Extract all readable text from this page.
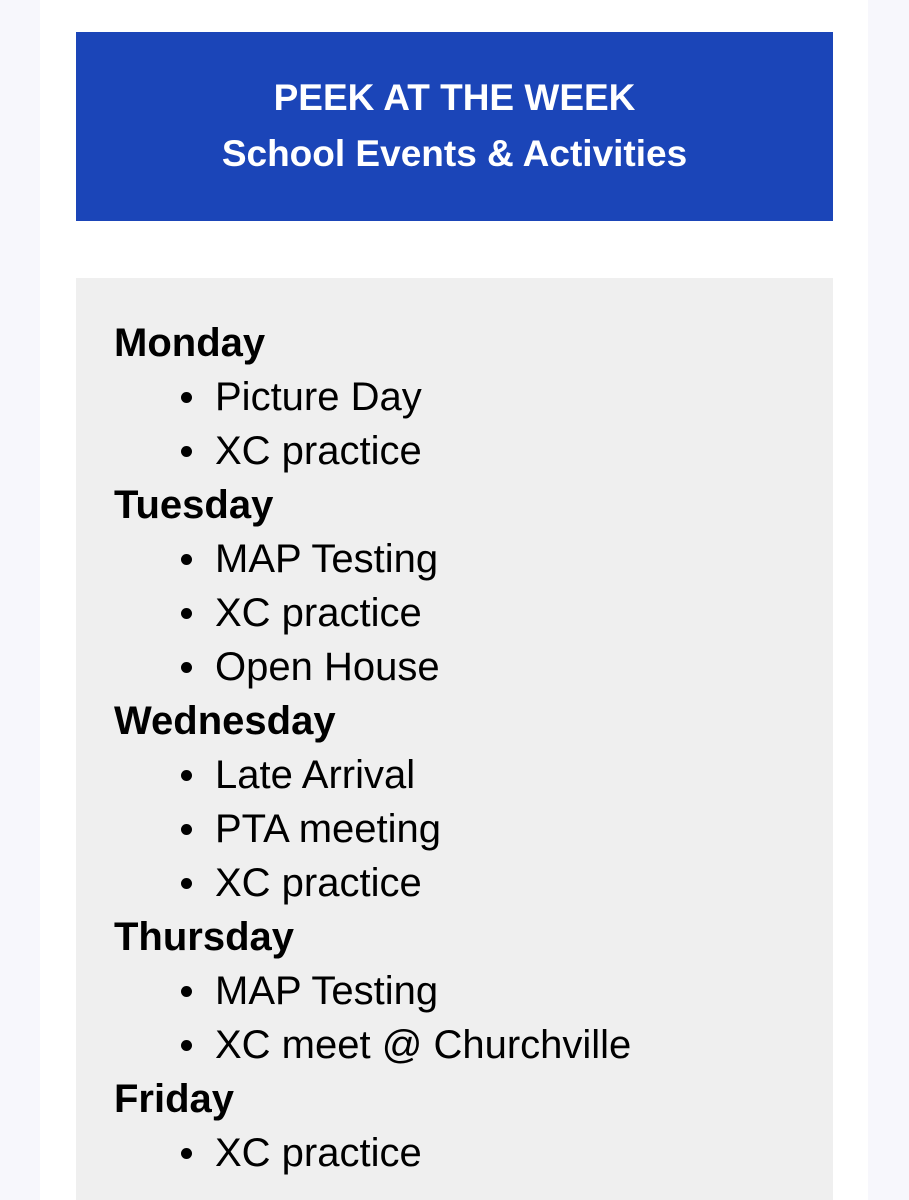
PEEK AT THE WEEK
School Events & Activities
Monday
Picture Day
XC practice
Tuesday
MAP Testing
XC practice
Open House
Wednesday
Late Arrival
PTA meeting
XC practice
Thursday
MAP Testing
XC meet @ Churchville
Friday
XC practice
